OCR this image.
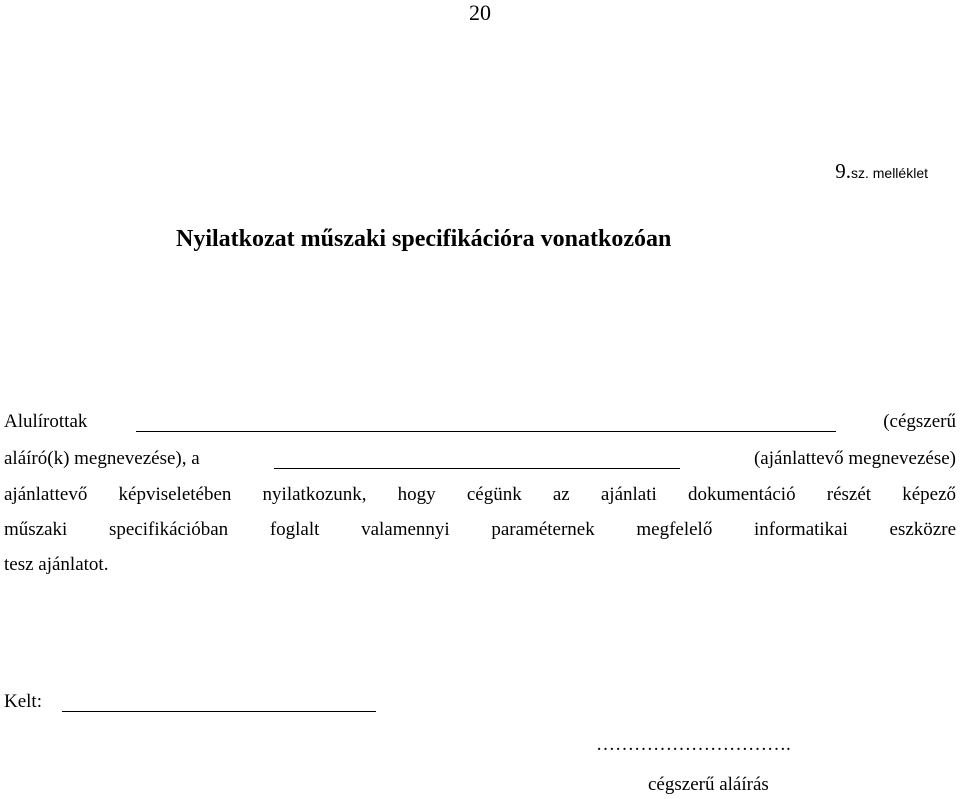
20
9.sz. melléklet
Nyilatkozat műszaki specifikációra vonatkozóan
Alulírottak	(cégszerű
aláíró(k) megnevezése), a	(ajánlattevő megnevezése)
ajánlattevő képviseletében nyilatkozunk, hogy cégünk az ajánlati dokumentáció részét képező
műszaki specifikációban foglalt valamennyi paraméternek megfelelő informatikai eszközre
tesz ajánlatot.
Kelt:
………………………….
cégszerű aláírás
